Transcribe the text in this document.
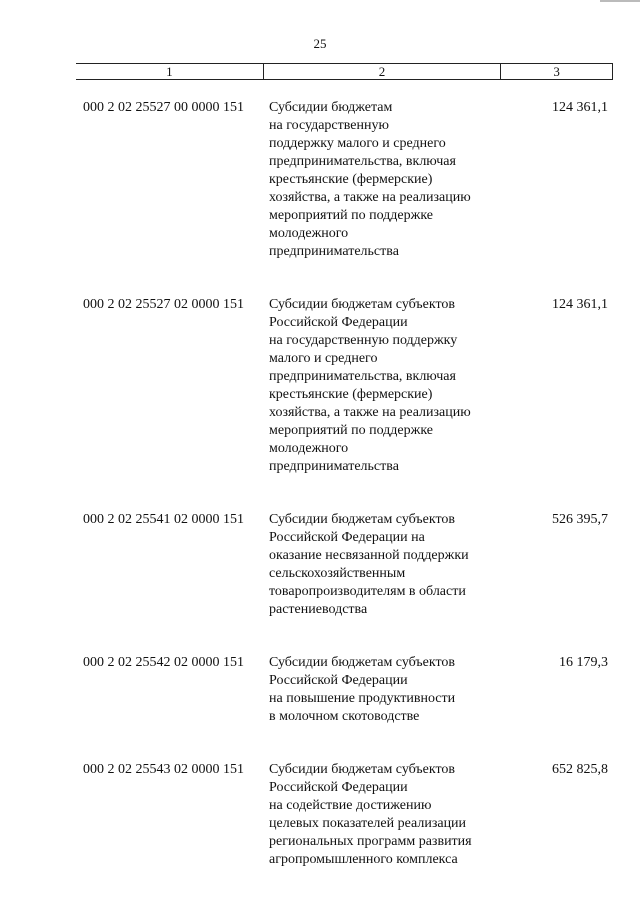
25
1	2	3
000 2 02 25527 00 0000 151 Субсидии бюджетам
на государственную
поддержку малого и среднего
предпринимательства, включая
крестьянские (фермерские)
хозяйства, а также на реализацию
мероприятий по поддержке
молодежного
предпринимательства
124 361,1
000 2 02 25527 02 0000 151 Субсидии бюджетам субъектов
Российской Федерации
на государственную поддержку
малого и среднего
предпринимательства, включая
крестьянские (фермерские)
хозяйства, а также на реализацию
мероприятий по поддержке
молодежного
предпринимательства
124 361,1
000 2 02 25541 02 0000 151 Субсидии бюджетам субъектов
Российской Федерации на
оказание несвязанной поддержки
сельскохозяйственным
товаропроизводителям в области
растениеводства
526 395,7
000 2 02 25542 02 0000 151 Субсидии бюджетам субъектов
Российской Федерации
на повышение продуктивности
в молочном скотоводстве
16 179,3
000 2 02 25543 02 0000 151 Субсидии бюджетам субъектов
Российской Федерации
на содействие достижению
целевых показателей реализации
региональных программ развития
агропромышленного комплекса
652 825,8
